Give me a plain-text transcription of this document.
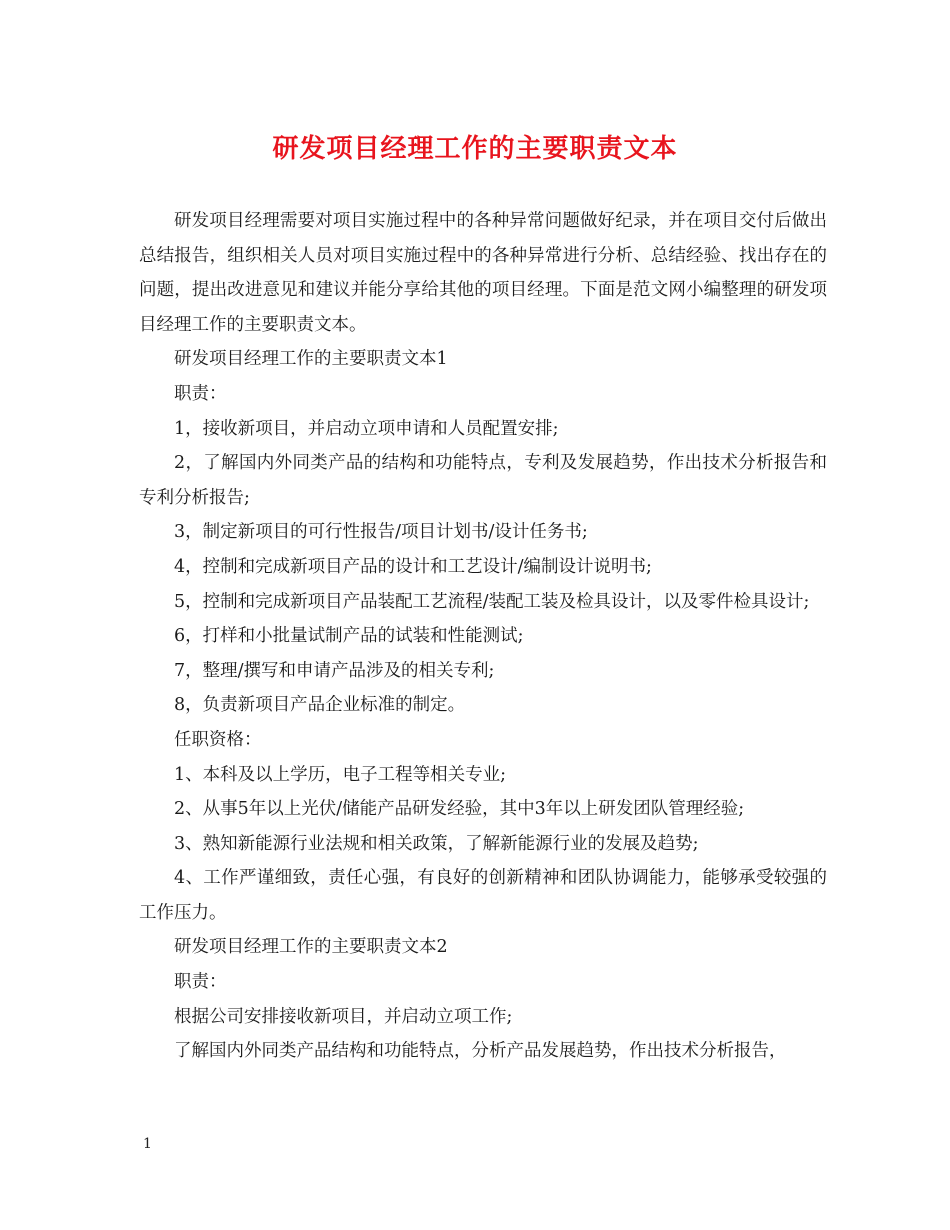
研发项目经理工作的主要职责文本

研发项目经理需要对项目实施过程中的各种异常问题做好纪录，并在项目交付后做出总结报告，组织相关人员对项目实施过程中的各种异常进行分析、总结经验、找出存在的问题，提出改进意见和建议并能分享给其他的项目经理。下面是范文网小编整理的研发项目经理工作的主要职责文本。

研发项目经理工作的主要职责文本1

职责：

1，接收新项目，并启动立项申请和人员配置安排;

2，了解国内外同类产品的结构和功能特点，专利及发展趋势，作出技术分析报告和专利分析报告;

3，制定新项目的可行性报告/项目计划书/设计任务书;

4，控制和完成新项目产品的设计和工艺设计/编制设计说明书;

5，控制和完成新项目产品装配工艺流程/装配工装及检具设计，以及零件检具设计;

6，打样和小批量试制产品的试装和性能测试;

7，整理/撰写和申请产品涉及的相关专利;

8，负责新项目产品企业标准的制定。

任职资格：

1、本科及以上学历，电子工程等相关专业;

2、从事5年以上光伏/储能产品研发经验，其中3年以上研发团队管理经验;

3、熟知新能源行业法规和相关政策，了解新能源行业的发展及趋势;

4、工作严谨细致，责任心强，有良好的创新精神和团队协调能力，能够承受较强的工作压力。

研发项目经理工作的主要职责文本2

职责：

根据公司安排接收新项目，并启动立项工作;

了解国内外同类产品结构和功能特点，分析产品发展趋势，作出技术分析报告，

1
